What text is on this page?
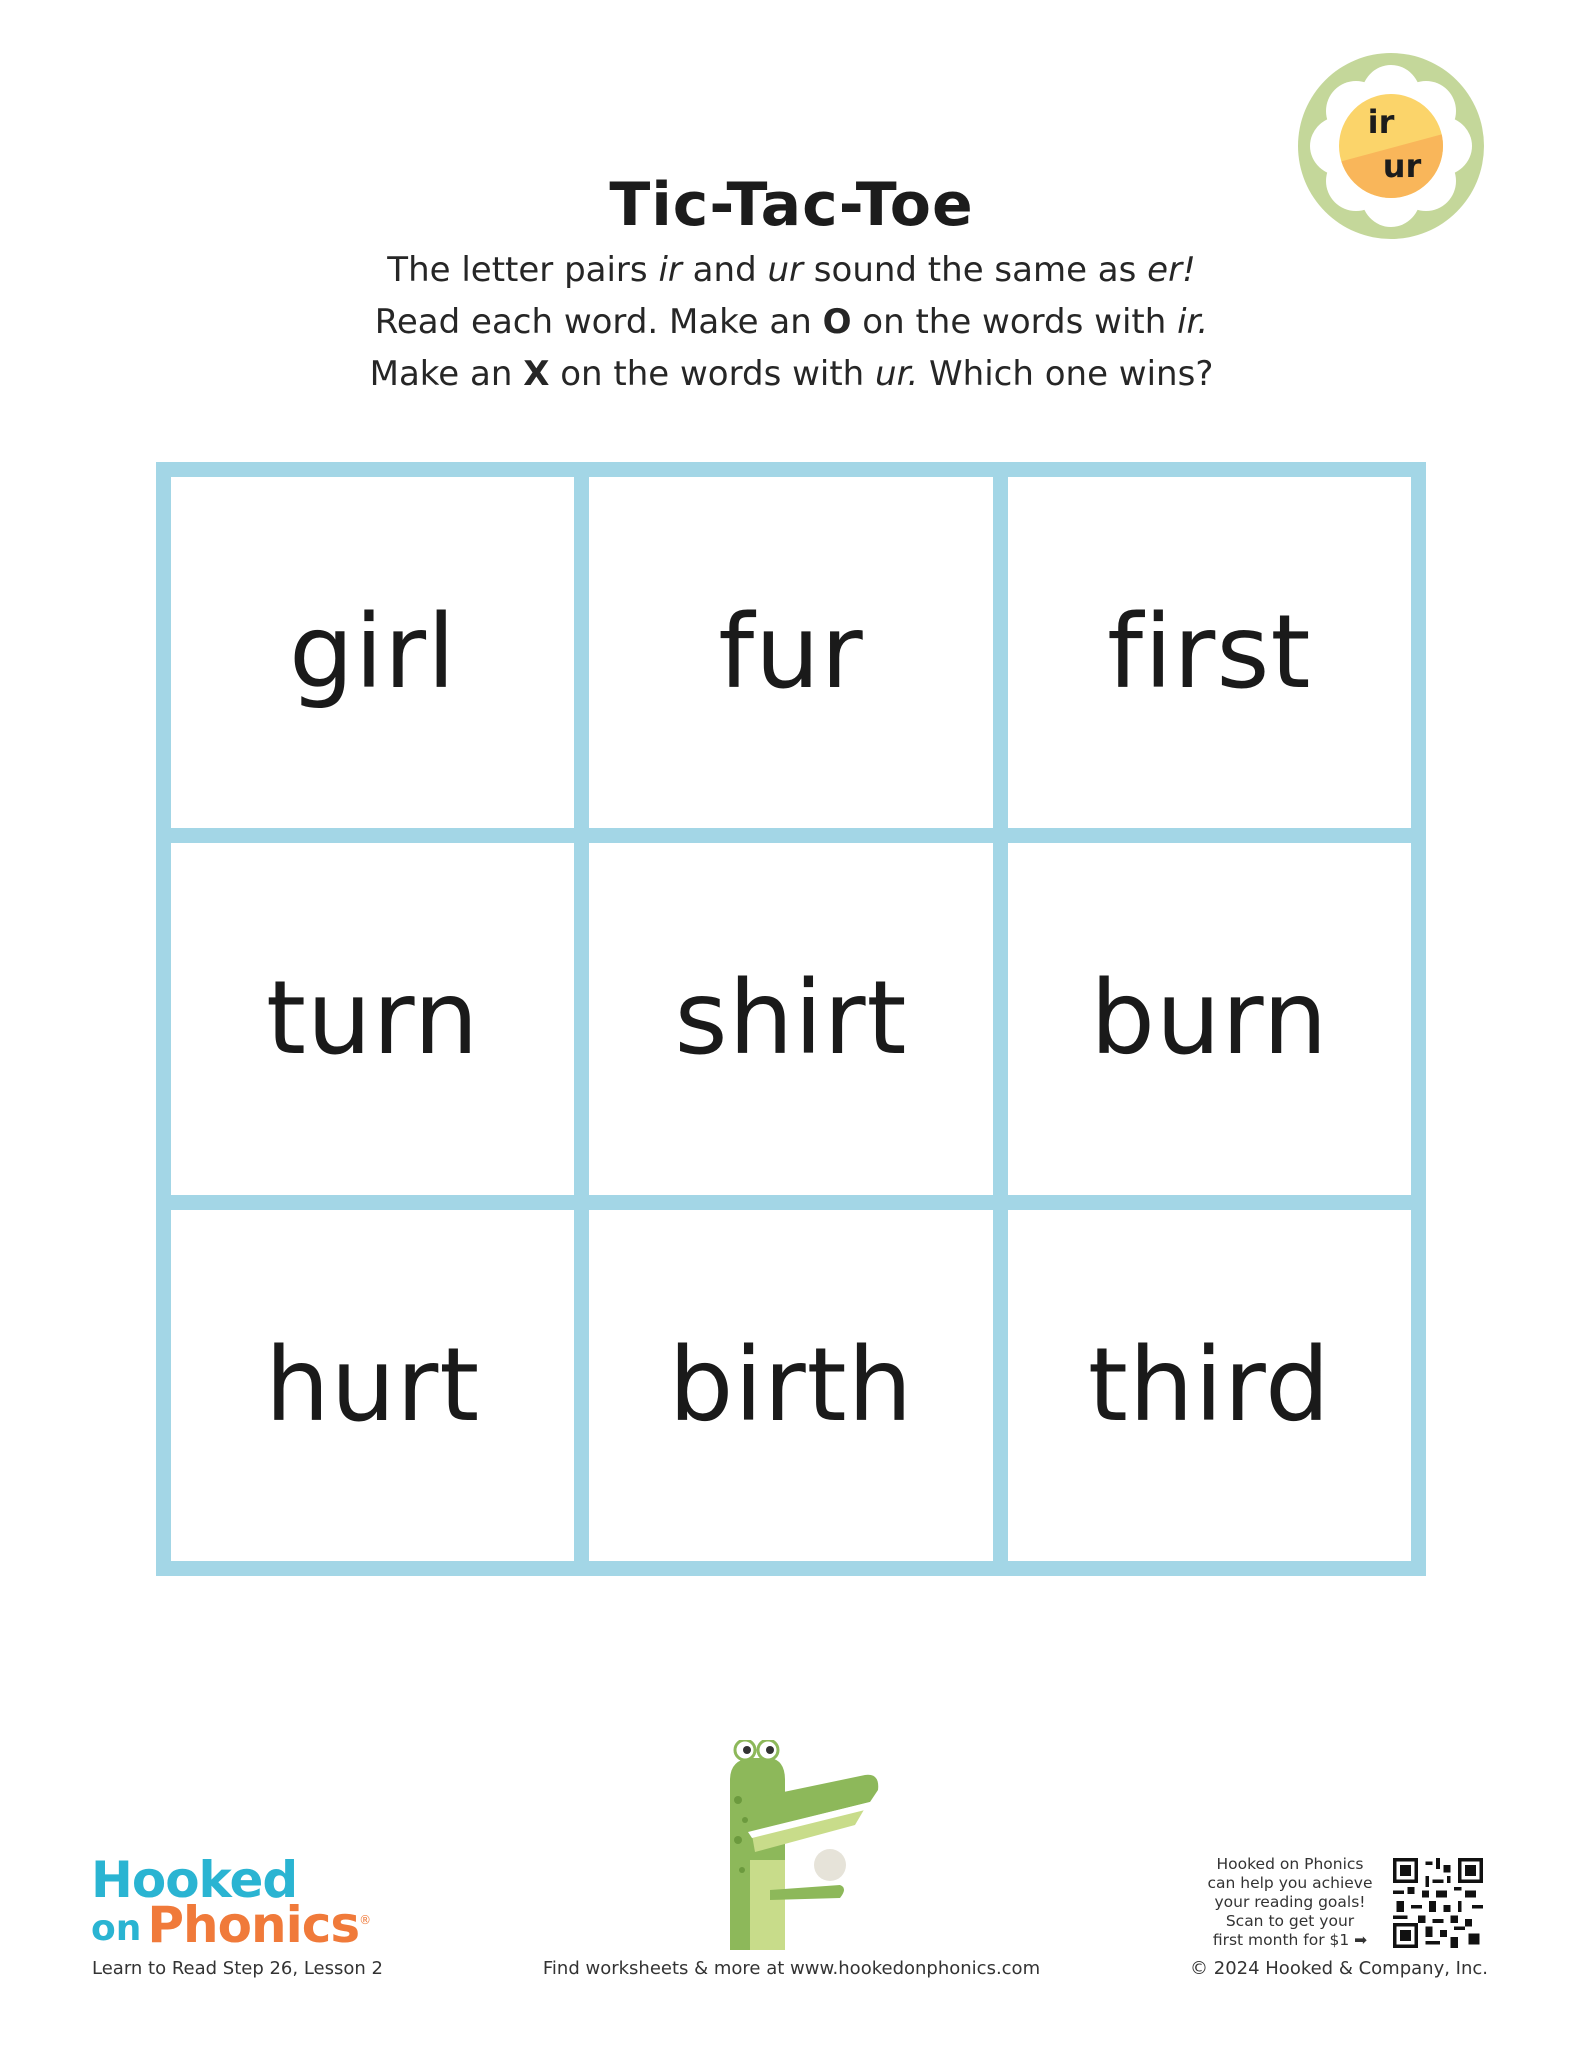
ir
ur
Tic-Tac-Toe
The letter pairs ir and ur sound the same as er!
Read each word. Make an O on the words with ir.
Make an X on the words with ur. Which one wins?
girl	fur	first
turn	shirt	burn
hurt	birth	third
Hooked
on Phonics ®
Learn to Read Step 26, Lesson 2	Find worksheets & more at www.hookedonphonics.com	© 2024 Hooked & Company, Inc.
Hooked on Phonics
can help you achieve
your reading goals!
Scan to get your
first month for $1 ➡
